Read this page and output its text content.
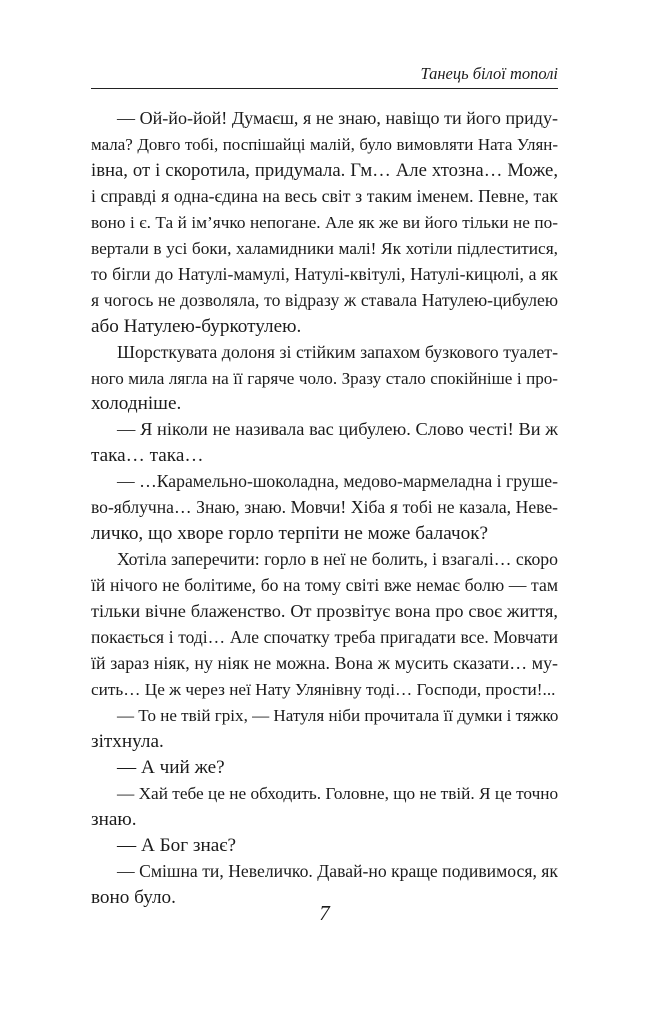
Танець білої тополі
— Ой-йо-йой! Думаєш, я не знаю, навіщо ти його приду-
мала? Довго тобі, поспішайці малій, було вимовляти Ната Улян-
івна, от і скоротила, придумала. Гм… Але хтозна… Може,
і справді я одна-єдина на весь світ з таким іменем. Певне, так
воно і є. Та й ім’ячко непогане. Але як же ви його тільки не по-
вертали в усі боки, халамидники малі! Як хотіли підлеститися,
то бігли до Натулі-мамулі, Натулі-квітулі, Натулі-кицюлі, а як
я чогось не дозволяла, то відразу ж ставала Натулею-цибулею
або Натулею-буркотулею.
Шорсткувата долоня зі стійким запахом бузкового туалет-
ного мила лягла на її гаряче чоло. Зразу стало спокійніше і про-
холодніше.
— Я ніколи не називала вас цибулею. Слово честі! Ви ж
така… така…
— …Карамельно-шоколадна, медово-мармеладна і груше-
во-яблучна… Знаю, знаю. Мовчи! Хіба я тобі не казала, Неве-
личко, що хворе горло терпіти не може балачок?
Хотіла заперечити: горло в неї не болить, і взагалі… скоро
їй нічого не болітиме, бо на тому світі вже немає болю — там
тільки вічне блаженство. От прозвітує вона про своє життя,
покається і тоді… Але спочатку треба пригадати все. Мовчати
їй зараз ніяк, ну ніяк не можна. Вона ж мусить сказати… му-
сить… Це ж через неї Нату Улянівну тоді… Господи, прости!...
— То не твій гріх, — Натуля ніби прочитала її думки і тяжко
зітхнула.
— А чий же?
— Хай тебе це не обходить. Головне, що не твій. Я це точно
знаю.
— А Бог знає?
— Смішна ти, Невеличко. Давай-но краще подивимося, як
воно було.
7
